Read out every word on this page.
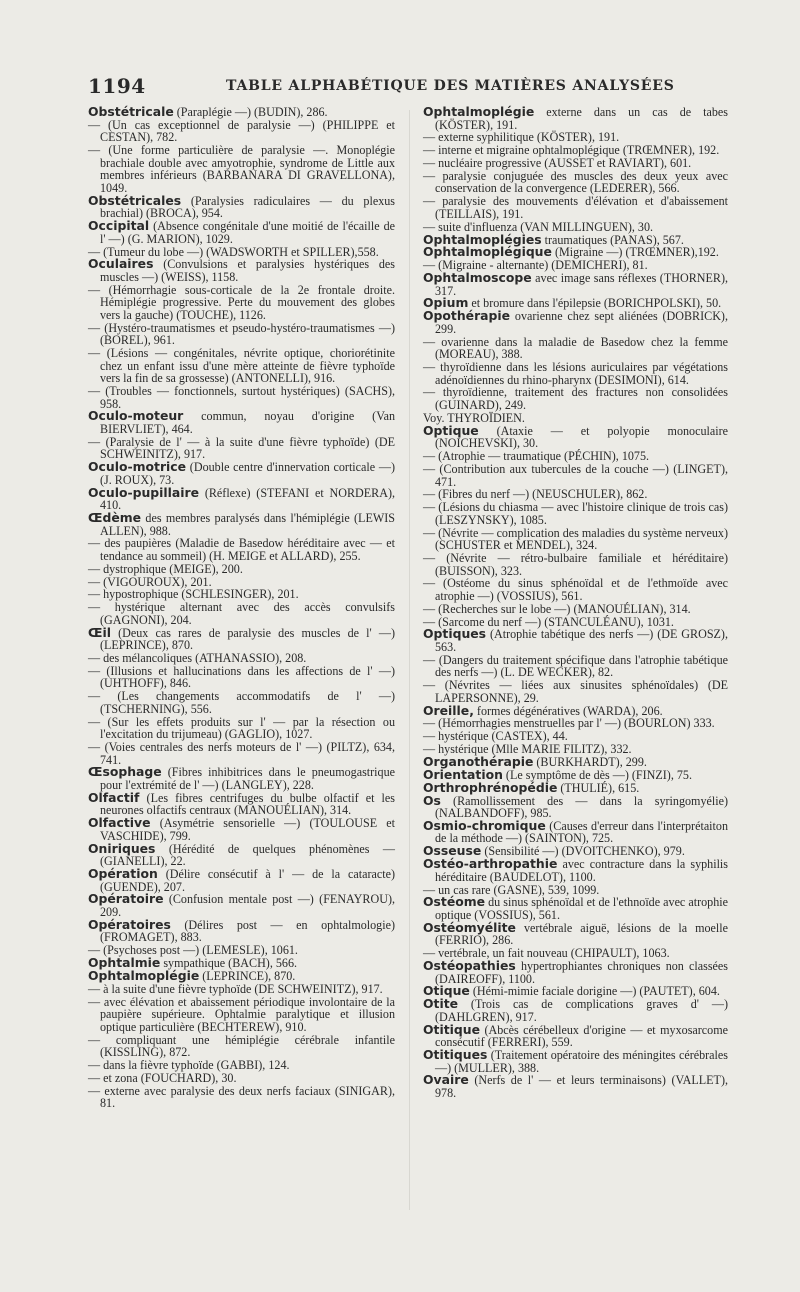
1194	TABLE ALPHABÉTIQUE DES MATIÈRES ANALYSÉES
Obstétricale (Paraplégie —) (BUDIN), 286.
— (Un cas exceptionnel de paralysie —) (PHILIPPE et CESTAN), 782.
— (Une forme particulière de paralysie —. Monoplégie brachiale double avec amyotrophie, syndrome de Little aux membres inférieurs (BARBANARA DI GRAVELLONA), 1049.
Obstétricales (Paralysies radiculaires — du plexus brachial) (BROCA), 954.
Occipital (Absence congénitale d'une moitié de l'écaille de l' —) (G. MARION), 1029.
— (Tumeur du lobe —) (WADSWORTH et SPILLER),558.
Oculaires (Convulsions et paralysies hystériques des muscles —) (WEISS), 1158.
— (Hémorrhagie sous-corticale de la 2e frontale droite. Hémiplégie progressive. Perte du mouvement des globes vers la gauche) (TOUCHE), 1126.
— (Hystéro-traumatismes et pseudo-hystéro-traumatismes —) (BOREL), 961.
— (Lésions — congénitales, névrite optique, choriorétinite chez un enfant issu d'une mère atteinte de fièvre typhoïde vers la fin de sa grossesse) (ANTONELLI), 916.
— (Troubles — fonctionnels, surtout hystériques) (SACHS), 958.
Oculo-moteur commun, noyau d'origine (Van BIERVLIET), 464.
— (Paralysie de l' — à la suite d'une fièvre typhoïde) (DE SCHWEINITZ), 917.
Oculo-motrice (Double centre d'innervation corticale —) (J. ROUX), 73.
Oculo-pupillaire (Réflexe) (STEFANI et NORDERA), 410.
Œdème des membres paralysés dans l'hémiplégie (LEWIS ALLEN), 988.
— des paupières (Maladie de Basedow héréditaire avec — et tendance au sommeil) (H. MEIGE et ALLARD), 255.
— dystrophique (MEIGE), 200.
— (VIGOUROUX), 201.
— hypostrophique (SCHLESINGER), 201.
— hystérique alternant avec des accès convulsifs (GAGNONI), 204.
Œil (Deux cas rares de paralysie des muscles de l' —) (LEPRINCE), 870.
— des mélancoliques (ATHANASSIO), 208.
— (Illusions et hallucinations dans les affections de l' —) (UHTHOFF), 846.
— (Les changements accommodatifs de l' —) (TSCHERNING), 556.
— (Sur les effets produits sur l' — par la résection ou l'excitation du trijumeau) (GAGLIO), 1027.
— (Voies centrales des nerfs moteurs de l' —) (PILTZ), 634, 741.
Œsophage (Fibres inhibitrices dans le pneumogastrique pour l'extrémité de l' —) (LANGLEY), 228.
Olfactif (Les fibres centrifuges du bulbe olfactif et les neurones olfactifs centraux (MANOUÉLIAN), 314.
Olfactive (Asymétrie sensorielle —) (TOULOUSE et VASCHIDE), 799.
Oniriques (Hérédité de quelques phénomènes — (GIANELLI), 22.
Opération (Délire consécutif à l' — de la cataracte) (GUENDE), 207.
Opératoire (Confusion mentale post —) (FENAYROU), 209.
Opératoires (Délires post — en ophtalmologie) (FROMAGET), 883.
— (Psychoses post —) (LEMESLE), 1061.
Ophtalmie sympathique (BACH), 566.
Ophtalmoplégie (LEPRINCE), 870.
— à la suite d'une fièvre typhoïde (DE SCHWEINITZ), 917.
— avec élévation et abaissement périodique involontaire de la paupière supérieure. Ophtalmie paralytique et illusion optique particulière (BECHTEREW), 910.
— compliquant une hémiplégie cérébrale infantile (KISSLING), 872.
— dans la fièvre typhoïde (GABBI), 124.
— et zona (FOUCHARD), 30.
— externe avec paralysie des deux nerfs faciaux (SINIGAR), 81.
Ophtalmoplégie externe dans un cas de tabes (KÖSTER), 191.
— externe syphilitique (KÖSTER), 191.
— interne et migraine ophtalmoplégique (TRŒMNER), 192.
— nucléaire progressive (AUSSET et RAVIART), 601.
— paralysie conjuguée des muscles des deux yeux avec conservation de la convergence (LEDERER), 566.
— paralysie des mouvements d'élévation et d'abaissement (TEILLAIS), 191.
— suite d'influenza (VAN MILLINGUEN), 30.
Ophtalmoplégies traumatiques (PANAS), 567.
Ophtalmoplégique (Migraine —) (TRŒMNER),192.
— (Migraine - alternante) (DEMICHERI), 81.
Ophtalmoscope avec image sans réflexes (THORNER), 317.
Opium et bromure dans l'épilepsie (BORICHPOLSKI), 50.
Opothérapie ovarienne chez sept aliénées (DOBRICK), 299.
— ovarienne dans la maladie de Basedow chez la femme (MOREAU), 388.
— thyroïdienne dans les lésions auriculaires par végétations adénoïdiennes du rhino-pharynx (DESIMONI), 614.
— thyroïdienne, traitement des fractures non consolidées (GUINARD), 249.
Voy. THYROÏDIEN.
Optique (Ataxie — et polyopie monoculaire (NOICHEVSKI), 30.
— (Atrophie — traumatique (PÉCHIN), 1075.
— (Contribution aux tubercules de la couche —) (LINGET), 471.
— (Fibres du nerf —) (NEUSCHULER), 862.
— (Lésions du chiasma — avec l'histoire clinique de trois cas) (LESZYNSKY), 1085.
— (Névrite — complication des maladies du système nerveux) (SCHUSTER et MENDEL), 324.
— (Névrite — rétro-bulbaire familiale et héréditaire) (BUISSON), 323.
— (Ostéome du sinus sphénoïdal et de l'ethmoïde avec atrophie —) (VOSSIUS), 561.
— (Recherches sur le lobe —) (MANOUÉLIAN), 314.
— (Sarcome du nerf —) (STANCULÉANU), 1031.
Optiques (Atrophie tabétique des nerfs —) (DE GROSZ), 563.
— (Dangers du traitement spécifique dans l'atrophie tabétique des nerfs —) (L. DE WECKER), 82.
— (Névrites — liées aux sinusites sphénoïdales) (DE LAPERSONNE), 29.
Oreille, formes dégénératives (WARDA), 206.
— (Hémorrhagies menstruelles par l' —) (BOURLON) 333.
— hystérique (CASTEX), 44.
— hystérique (Mlle MARIE FILITZ), 332.
Organothérapie (BURKHARDT), 299.
Orientation (Le symptôme de dès —) (FINZI), 75.
Orthrophrénopédie (THULIÉ), 615.
Os (Ramollissement des — dans la syringomyélie) (NALBANDOFF), 985.
Osmio-chromique (Causes d'erreur dans l'interprétaiton de la méthode —) (SAINTON), 725.
Osseuse (Sensibilité —) (DVOITCHENKO), 979.
Ostéo-arthropathie avec contracture dans la syphilis héréditaire (BAUDELOT), 1100.
— un cas rare (GASNE), 539, 1099.
Ostéome du sinus sphénoïdal et de l'ethnoïde avec atrophie optique (VOSSIUS), 561.
Ostéomyélite vertébrale aiguë, lésions de la moelle (FERRIO), 286.
— vertébrale, un fait nouveau (CHIPAULT), 1063.
Ostéopathies hypertrophiantes chroniques non classées (DAIREOFF), 1100.
Otique (Hémi-mimie faciale dorigine —) (PAUTET), 604.
Otite (Trois cas de complications graves d' —) (DAHLGREN), 917.
Otitique (Abcès cérébelleux d'origine — et myxosarcome consécutif (FERRERI), 559.
Otitiques (Traitement opératoire des méningites cérébrales —) (MULLER), 388.
Ovaire (Nerfs de l' — et leurs terminaisons) (VALLET), 978.
